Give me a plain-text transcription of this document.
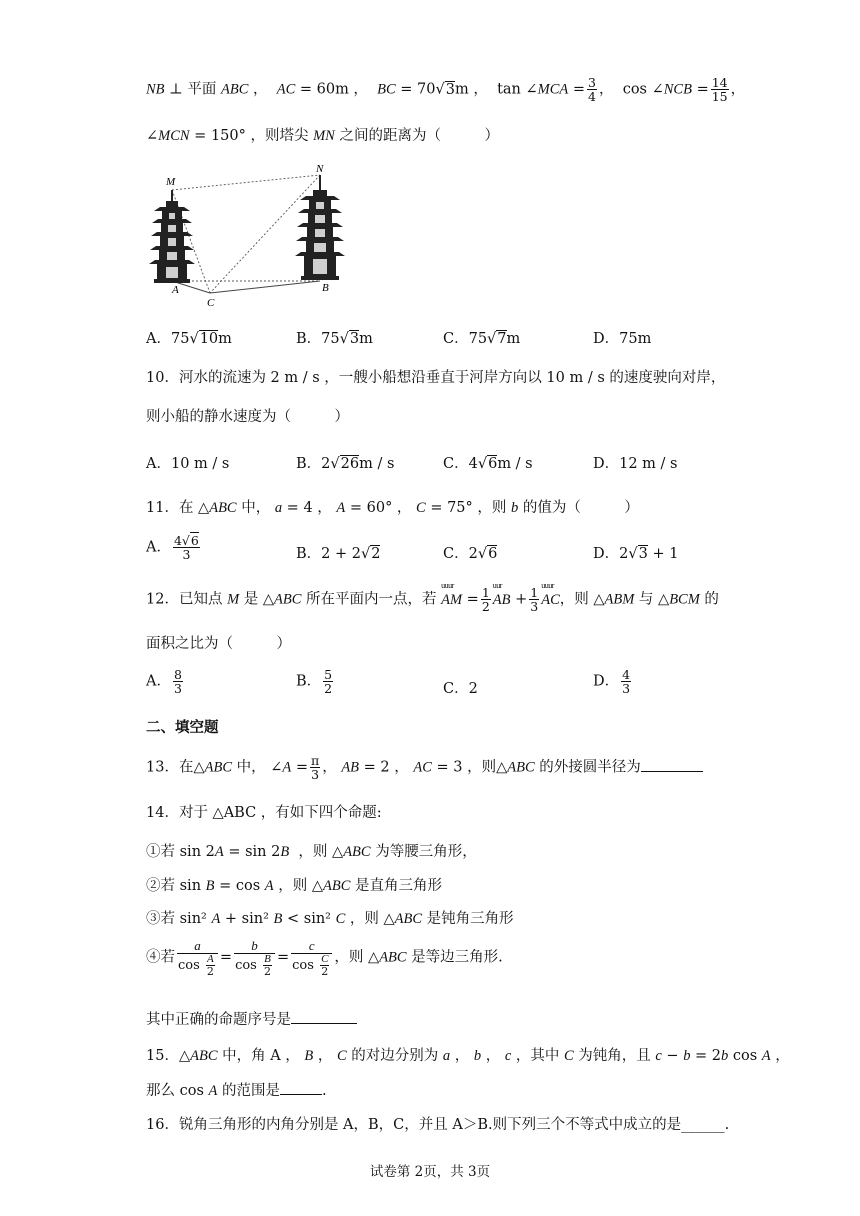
NB ⊥ 平面 ABC ，  AC = 60m ，  BC = 70√3m ，  tan ∠MCA = $\frac{3}{4}$ ，  cos ∠NCB = $\frac{14}{15}$ ，
∠MCN = 150° ，则塔尖 MN 之间的距离为（　　　）
M
N
A
C
B
A．75√10m	B．75√3m	C．75√7m	D．75m
10．河水的流速为 2 m / s ，一艘小船想沿垂直于河岸方向以 10 m / s 的速度驶向对岸，
则小船的静水速度为（　　　）
A．10 m / s	B．2√26m / s	C．4√6m / s	D．12 m / s
11．在 △ABC 中， a = 4 ， A = 60° ， C = 75° ，则 b 的值为（　　　）
A． $\frac{4√6}{3}$	B．2 + 2√2	C．2√6	D．2√3 + 1
12．已知点 M 是 △ABC 所在平面内一点，若 AM
uuur
= $\frac{1}{2}$ AB
uur
+ $\frac{1}{3}$ AC
uuur
，则 △ABM 与 △BCM 的
面积之比为（　　　）
A． $\frac{8}{3}$	B． $\frac{5}{2}$	C．2	D． $\frac{4}{3}$
二、填空题
13．在△ABC 中， ∠A = $\frac{\pi}{3}$ ， AB = 2 ， AC = 3 ，则△ABC 的外接圆半径为
14．对于 △ABC ，有如下四个命题:
①若 sin 2A = sin 2B  ，则 △ABC 为等腰三角形，
②若 sin B = cos A ，则 △ABC 是直角三角形
③若 sin² A + sin² B < sin² C ，则 △ABC 是钝角三角形
④若 $\frac{a}{\cos \frac{A}{2}} = \frac{b}{\cos \frac{B}{2}} = \frac{c}{\cos \frac{C}{2}}$ ，则 △ABC 是等边三角形.
其中正确的命题序号是
15．△ABC 中，角 A ， B ， C 的对边分别为 a ， b ， c ，其中 C 为钝角，且 c − b = 2b cos A ，
那么 cos A 的范围是	.
16．锐角三角形的内角分别是 A，B，C，并且 A＞B.则下列三个不等式中成立的是______.
试卷第 2页，共 3页
